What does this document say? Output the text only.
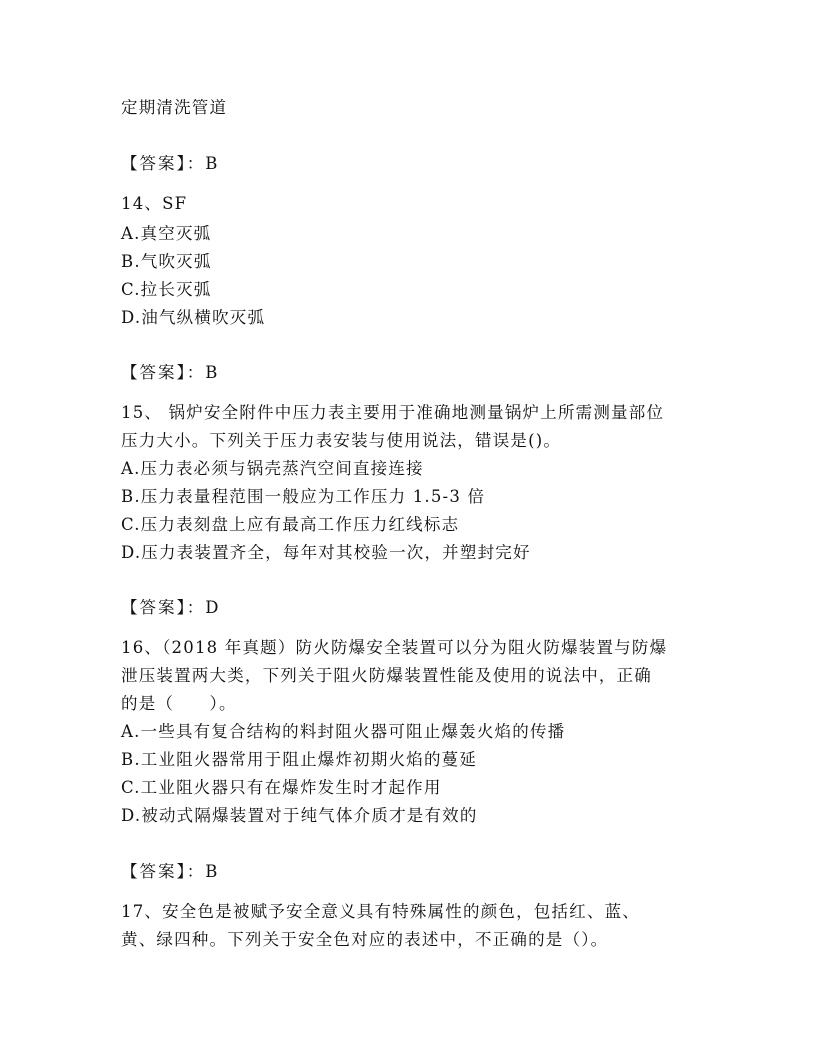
定期清洗管道
【答案】：B
14、SF
A.真空灭弧
B.气吹灭弧
C.拉长灭弧
D.油气纵横吹灭弧
【答案】：B
15、 锅炉安全附件中压力表主要用于准确地测量锅炉上所需测量部位
压力大小。下列关于压力表安装与使用说法，错误是()。
A.压力表必须与锅壳蒸汽空间直接连接
B.压力表量程范围一般应为工作压力 1.5-3 倍
C.压力表刻盘上应有最高工作压力红线标志
D.压力表装置齐全，每年对其校验一次，并塑封完好
【答案】：D
16、（2018 年真题）防火防爆安全装置可以分为阻火防爆装置与防爆
泄压装置两大类，下列关于阻火防爆装置性能及使用的说法中，正确
的是（　　）。
A.一些具有复合结构的料封阻火器可阻止爆轰火焰的传播
B.工业阻火器常用于阻止爆炸初期火焰的蔓延
C.工业阻火器只有在爆炸发生时才起作用
D.被动式隔爆装置对于纯气体介质才是有效的
【答案】：B
17、安全色是被赋予安全意义具有特殊属性的颜色，包括红、蓝、
黄、绿四种。下列关于安全色对应的表述中，不正确的是（）。
